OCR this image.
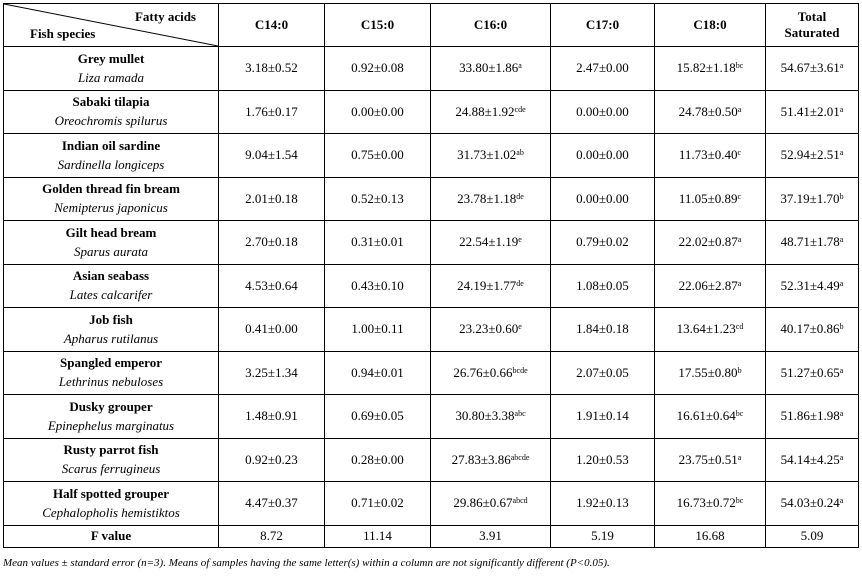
Fatty acids
Fish species	C14:0	C15:0	C16:0	C17:0	C18:0	Total
Saturated

Grey mullet
Liza ramada	3.18±0.52	0.92±0.08	33.80±1.86$^a$	2.47±0.00	15.82±1.18$^{bc}$	54.67±3.61$^a$

Sabaki tilapia
Oreochromis spilurus	1.76±0.17	0.00±0.00	24.88±1.92$^{cde}$	0.00±0.00	24.78±0.50$^a$	51.41±2.01$^a$

Indian oil sardine
Sardinella longiceps	9.04±1.54	0.75±0.00	31.73±1.02$^{ab}$	0.00±0.00	11.73±0.40$^c$	52.94±2.51$^a$

Golden thread fin bream
Nemipterus japonicus	2.01±0.18	0.52±0.13	23.78±1.18de	0.00±0.00	11.05±0.89$^c$	37.19±1.70$^b$

Gilt head bream
Sparus aurata	2.70±0.18	0.31±0.01	22.54±1.19$^e$	0.79±0.02	22.02±0.87$^a$	48.71±1.78$^a$

Asian seabass
Lates calcarifer	4.53±0.64	0.43±0.10	24.19±1.77de	1.08±0.05	22.06±2.87$^a$	52.31±4.49$^a$

Job fish
Apharus rutilanus	0.41±0.00	1.00±0.11	23.23±0.60$^e$	1.84±0.18	13.64±1.23$^{cd}$	40.17±0.86$^b$

Spangled emperor
Lethrinus nebuloses	3.25±1.34	0.94±0.01	$26.76\pm 0.66^{bcde}$	2.07±0.05	17.55±0.80$^b$	51.27±0.65$^a$

Dusky grouper
Epinephelus marginatus	1.48±0.91	0.69±0.05	30.80±3.38$^{abc}$	1.91±0.14	16.61±0.64$^{bc}$	51.86±1.98$^a$

Rusty parrot fish
Scarus ferrugineus	0.92±0.23	0.28±0.00	$27.83\pm 3.86^{abcde}$	1.20±0.53	23.75±0.51$^a$	54.14±4.25$^a$

Half spotted grouper
Cephalopholis hemistiktos	4.47±0.37	0.71±0.02	$29.86\pm 0.67^{abcd}$	1.92±0.13	16.73±0.72$^{bc}$	54.03±0.24$^a$
F value	8.72	11.14	3.91	5.19	16.68	5.09
Mean values ± standard error (n=3). Means of samples having the same letter(s) within a column are not significantly different (P<0.05).
